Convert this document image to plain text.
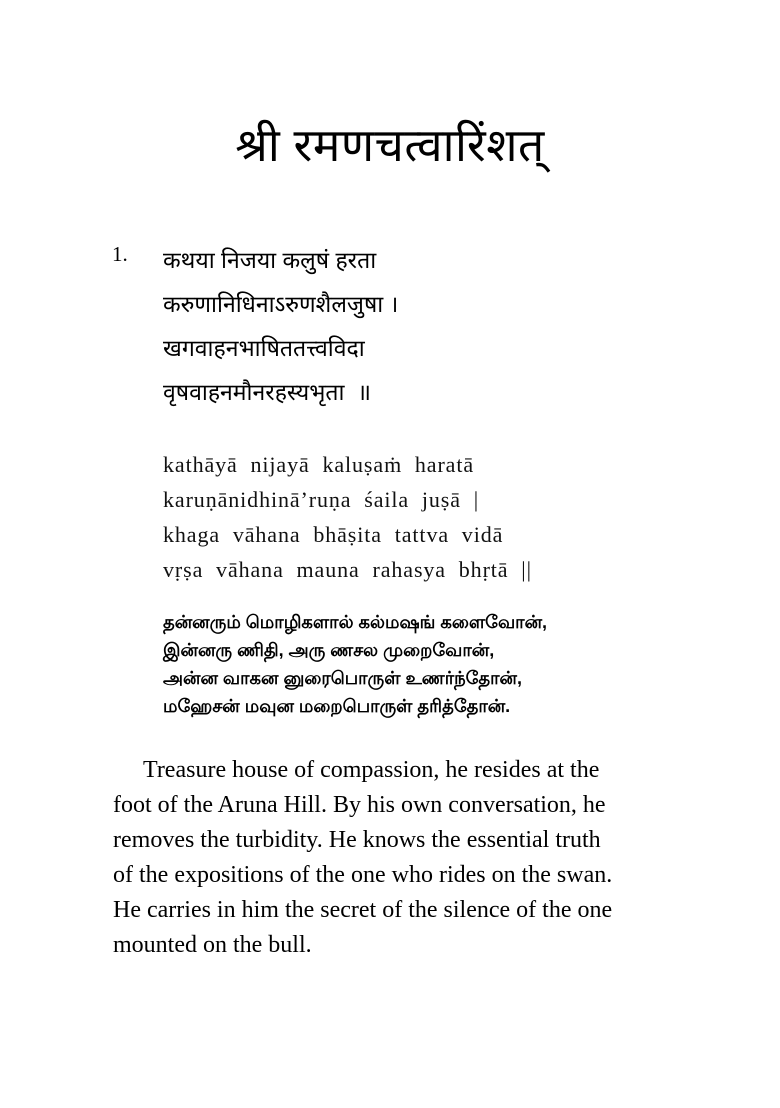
श्री रमणचत्वारिंशत्
1.	कथया निजया कलुषं हरता
करुणानिधिनाऽरुणशैलजुषा ।
खगवाहनभाषिततत्त्वविदा
वृषवाहनमौनरहस्यभृता  ॥
kathāyā  nijayā  kaluṣaṁ  haratā
karuṇānidhinā’ruṇa  śaila  juṣā  |
khaga  vāhana  bhāṣita  tattva  vidā
vṛṣa  vāhana  mauna  rahasya  bhṛtā  ||
தன்னரும் மொழிகளால் கல்மஷங் களைவோன்,
இன்னரு ணிதி, அரு ணசல முறைவோன்,
அன்ன வாகன னுரைபொருள் உணர்ந்தோன்,
மஹேசன் மவுன மறைபொருள் தரித்தோன்.
Treasure house of compassion, he resides at the
foot of the Aruna Hill. By his own conversation, he
removes the turbidity. He knows the essential truth
of the expositions of the one who rides on the swan.
He carries in him the secret of the silence of the one
mounted on the bull.
